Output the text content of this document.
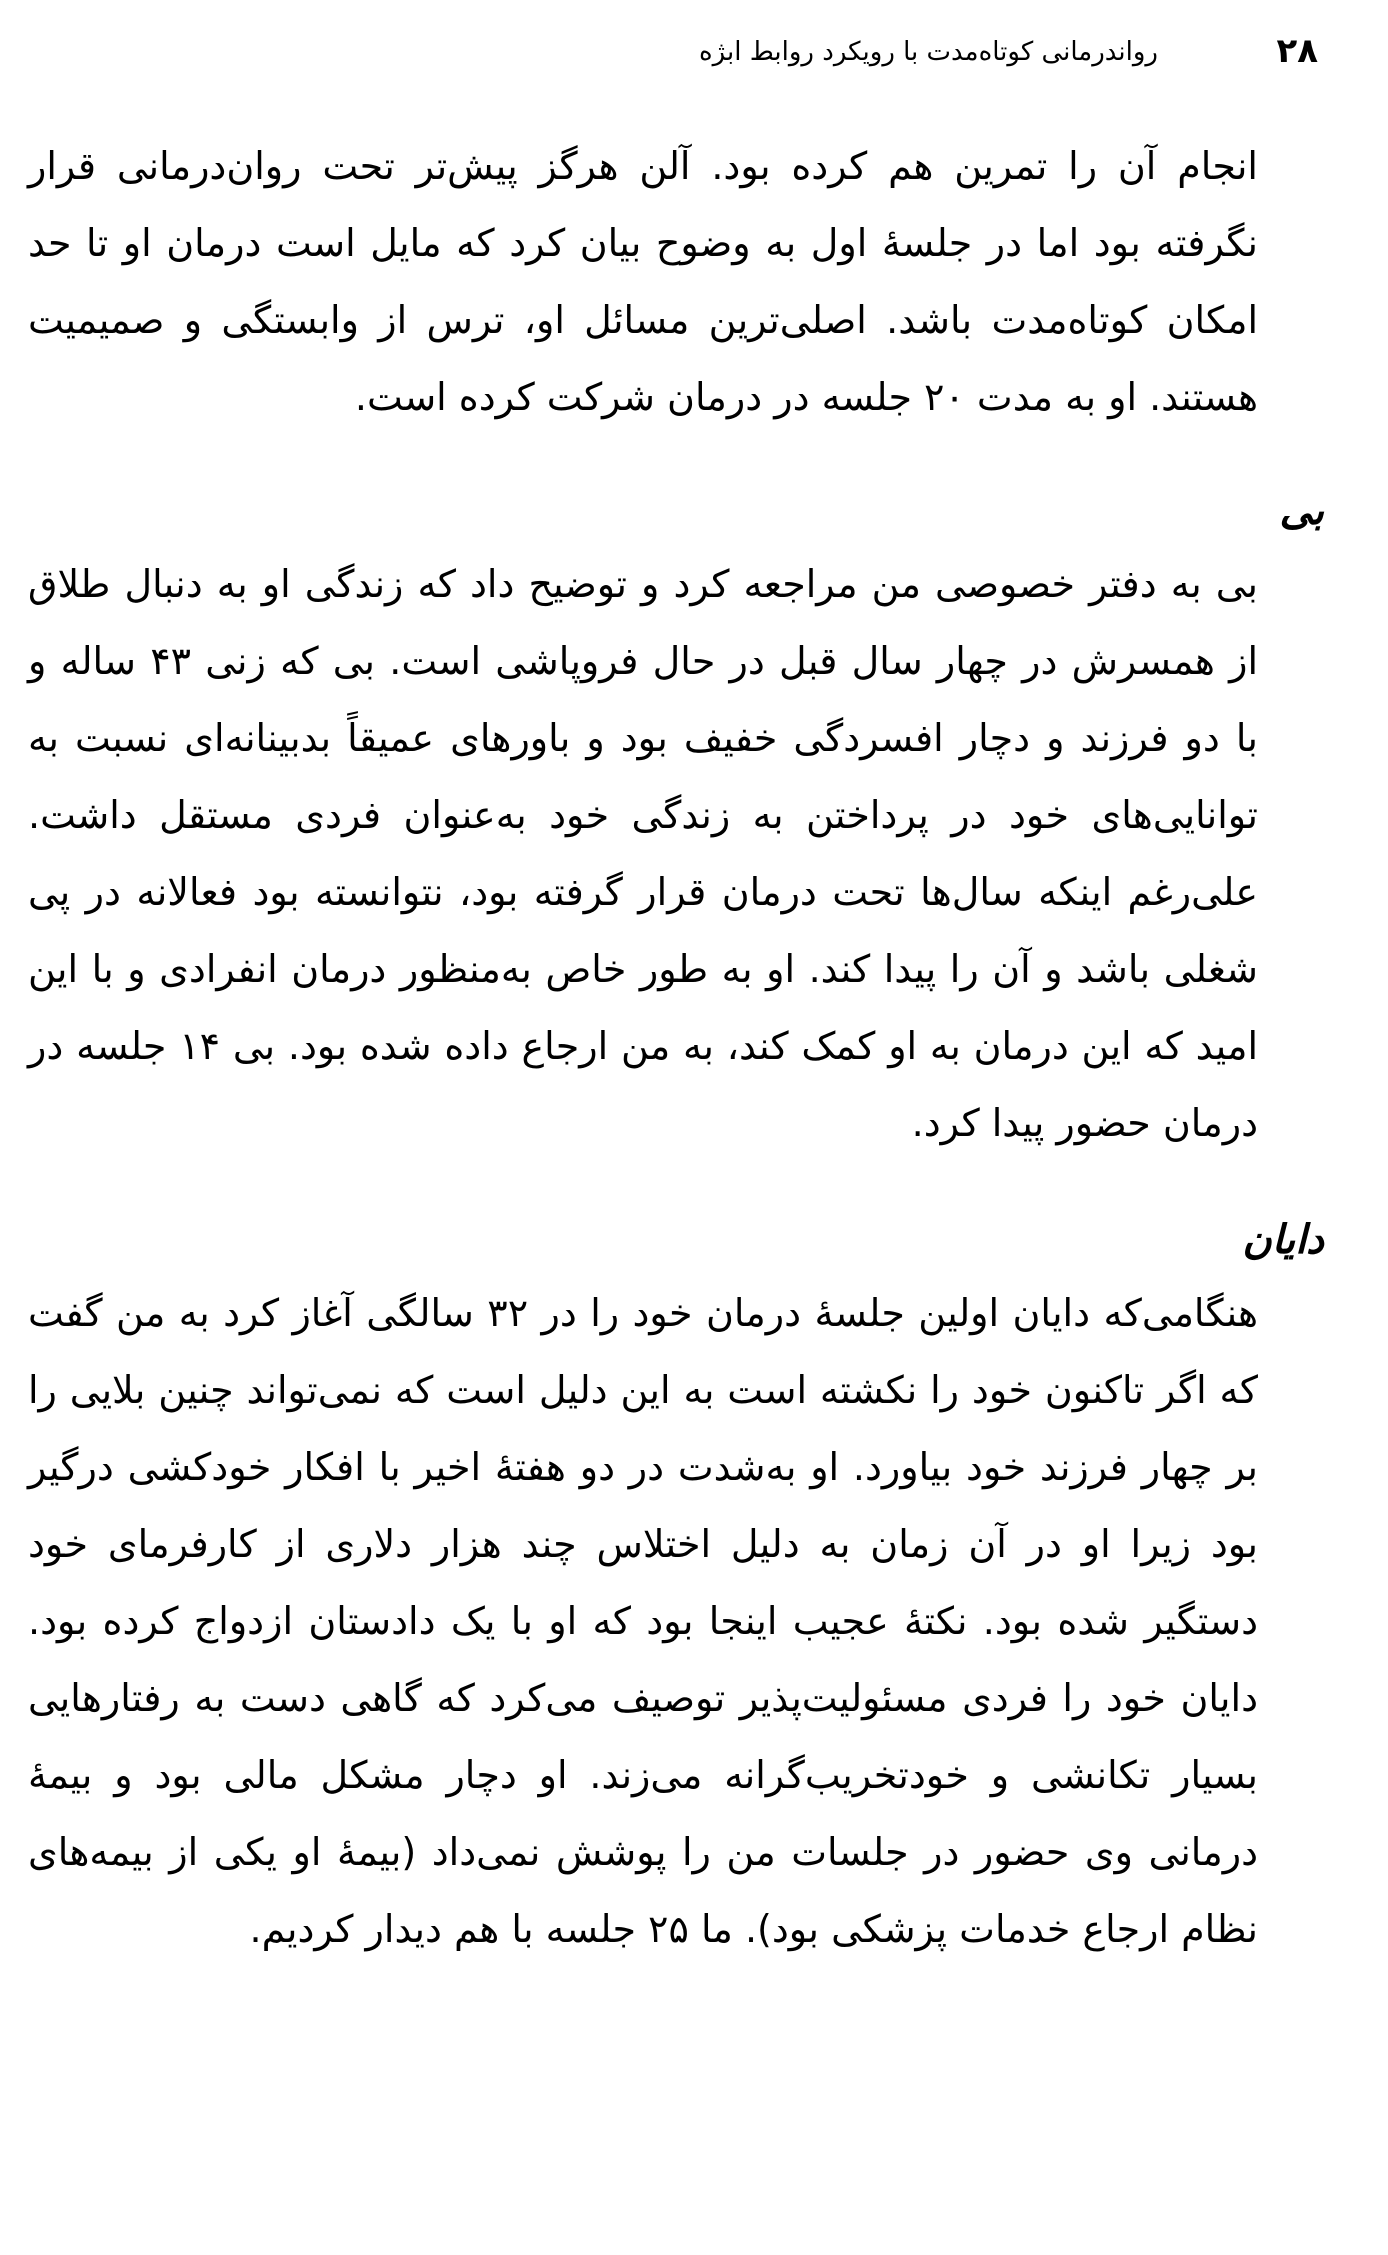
۲۸
رواندرمانی کوتاه‌مدت با رویکرد روابط ابژه

انجام آن را تمرین هم کرده بود. آلن هرگز پیش‌تر تحت روان‌درمانی قرار نگرفته بود اما در جلسهٔ اول به وضوح بیان کرد که مایل است درمان او تا حد امکان کوتاه‌مدت باشد. اصلی‌ترین مسائل او، ترس از وابستگی و صمیمیت هستند. او به مدت ۲۰ جلسه در درمان شرکت کرده است.

بی

بی به دفتر خصوصی من مراجعه کرد و توضیح داد که زندگی او به دنبال طلاق از همسرش در چهار سال قبل در حال فروپاشی است. بی که زنی ۴۳ ساله و با دو فرزند و دچار افسردگی خفیف بود و باورهای عمیقاً بدبینانه‌ای نسبت به توانایی‌های خود در پرداختن به زندگی خود به‌عنوان فردی مستقل داشت. علی‌رغم اینکه سال‌ها تحت درمان قرار گرفته بود، نتوانسته بود فعالانه در پی شغلی باشد و آن را پیدا کند. او به طور خاص به‌منظور درمان انفرادی و با این امید که این درمان به او کمک کند، به من ارجاع داده شده بود. بی ۱۴ جلسه در درمان حضور پیدا کرد.

دایان

هنگامی‌که دایان اولین جلسهٔ درمان خود را در ۳۲ سالگی آغاز کرد به من گفت که اگر تاکنون خود را نکشته است به این دلیل است که نمی‌تواند چنین بلایی را بر چهار فرزند خود بیاورد. او به‌شدت در دو هفتهٔ اخیر با افکار خودکشی درگیر بود زیرا او در آن زمان به دلیل اختلاس چند هزار دلاری از کارفرمای خود دستگیر شده بود. نکتهٔ عجیب اینجا بود که او با یک دادستان ازدواج کرده بود. دایان خود را فردی مسئولیت‌پذیر توصیف می‌کرد که گاهی دست به رفتارهایی بسیار تکانشی و خودتخریب‌گرانه می‌زند. او دچار مشکل مالی بود و بیمهٔ درمانی وی حضور در جلسات من را پوشش نمی‌داد (بیمهٔ او یکی از بیمه‌های نظام ارجاع خدمات پزشکی بود). ما ۲۵ جلسه با هم دیدار کردیم.
